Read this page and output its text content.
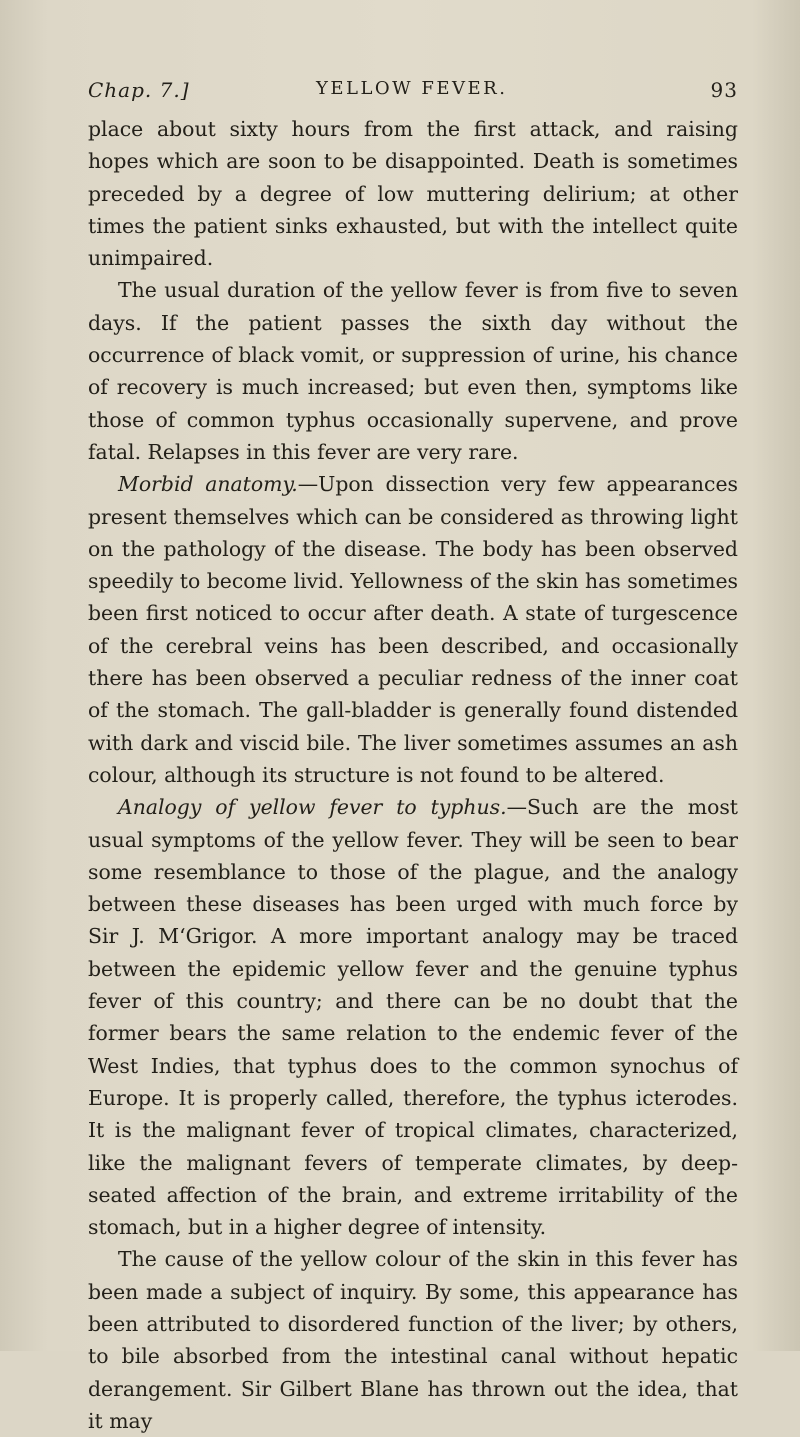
Chap. 7.]	YELLOW FEVER.	93

place about sixty hours from the first attack, and raising hopes which are soon to be disappointed. Death is sometimes preceded by a degree of low muttering delirium; at other times the patient sinks exhausted, but with the intellect quite unimpaired.

The usual duration of the yellow fever is from five to seven days. If the patient passes the sixth day without the occurrence of black vomit, or suppression of urine, his chance of recovery is much increased; but even then, symptoms like those of common typhus occasionally supervene, and prove fatal. Relapses in this fever are very rare.

Morbid anatomy.—Upon dissection very few appearances present themselves which can be considered as throwing light on the pathology of the disease. The body has been observed speedily to become livid. Yellowness of the skin has sometimes been first noticed to occur after death. A state of turgescence of the cerebral veins has been described, and occasionally there has been observed a peculiar redness of the inner coat of the stomach. The gall-bladder is generally found distended with dark and viscid bile. The liver sometimes assumes an ash colour, although its structure is not found to be altered.

Analogy of yellow fever to typhus.—Such are the most usual symptoms of the yellow fever. They will be seen to bear some resemblance to those of the plague, and the analogy between these diseases has been urged with much force by Sir J. M‘Grigor. A more important analogy may be traced between the epidemic yellow fever and the genuine typhus fever of this country; and there can be no doubt that the former bears the same relation to the endemic fever of the West Indies, that typhus does to the common synochus of Europe. It is properly called, therefore, the typhus icterodes. It is the malignant fever of tropical climates, characterized, like the malignant fevers of temperate climates, by deep-seated affection of the brain, and extreme irritability of the stomach, but in a higher degree of intensity.

The cause of the yellow colour of the skin in this fever has been made a subject of inquiry. By some, this appearance has been attributed to disordered function of the liver; by others, to bile absorbed from the intestinal canal without hepatic derangement. Sir Gilbert Blane has thrown out the idea, that it may
